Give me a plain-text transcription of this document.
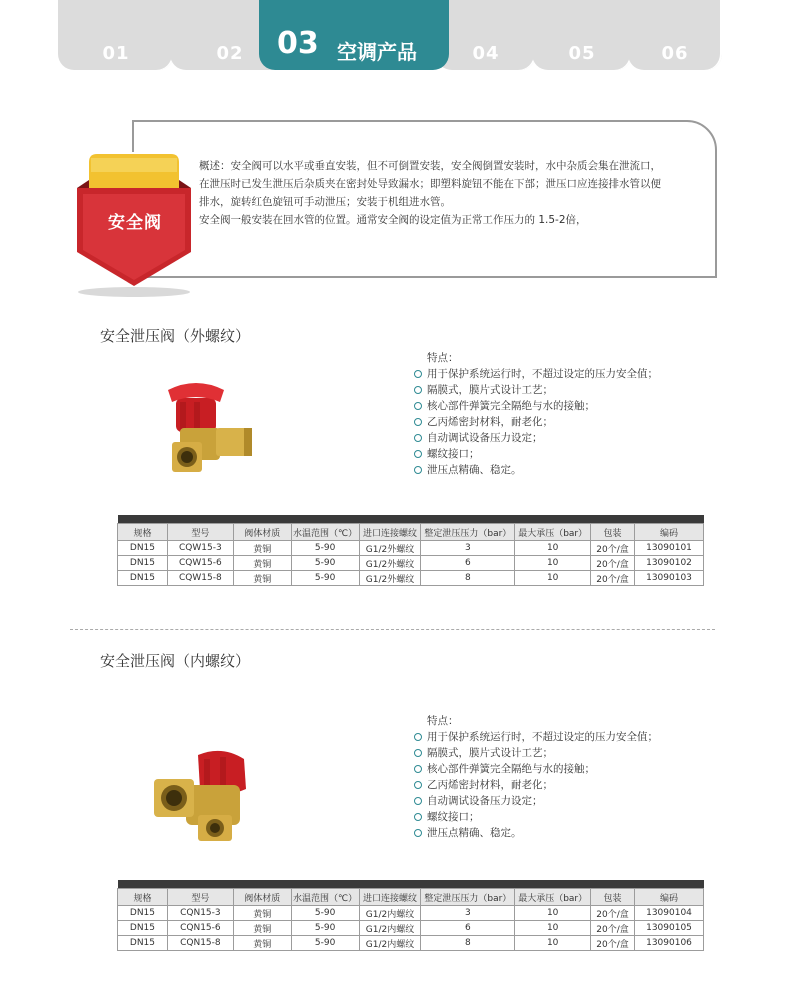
01	02	04	05	06
03 空调产品
安全阀

概述：安全阀可以水平或垂直安装，但不可倒置安装，安全阀倒置安装时，水中杂质会集在泄流口，

在泄压时已发生泄压后杂质夹在密封处导致漏水；即塑料旋钮不能在下部；泄压口应连接排水管以便

排水，旋转红色旋钮可手动泄压；安装于机组进水管。

安全阀一般安装在回水管的位置。通常安全阀的设定值为正常工作压力的 1.5-2倍，

安全泄压阀（外螺纹）
特点：
用于保护系统运行时，不超过设定的压力安全值；
隔膜式，膜片式设计工艺；
核心部件弹簧完全隔绝与水的接触；
乙丙烯密封材料，耐老化；
自动调试设备压力设定；
螺纹接口；
泄压点精确、稳定。

规格	型号	阀体材质	水温范围（℃）	进口连接螺纹	整定泄压压力（bar）	最大承压（bar）	包装	编码
DN15	CQW15-3	黄铜	5-90	G1/2外螺纹	3	10	20个/盒	13090101
DN15	CQW15-6	黄铜	5-90	G1/2外螺纹	6	10	20个/盒	13090102
DN15	CQW15-8	黄铜	5-90	G1/2外螺纹	8	10	20个/盒	13090103
安全泄压阀（内螺纹）
特点：
用于保护系统运行时，不超过设定的压力安全值；
隔膜式，膜片式设计工艺；
核心部件弹簧完全隔绝与水的接触；
乙丙烯密封材料，耐老化；
自动调试设备压力设定；
螺纹接口；
泄压点精确、稳定。

规格	型号	阀体材质	水温范围（℃）	进口连接螺纹	整定泄压压力（bar）	最大承压（bar）	包装	编码
DN15	CQN15-3	黄铜	5-90	G1/2内螺纹	3	10	20个/盒	13090104
DN15	CQN15-6	黄铜	5-90	G1/2内螺纹	6	10	20个/盒	13090105
DN15	CQN15-8	黄铜	5-90	G1/2内螺纹	8	10	20个/盒	13090106
